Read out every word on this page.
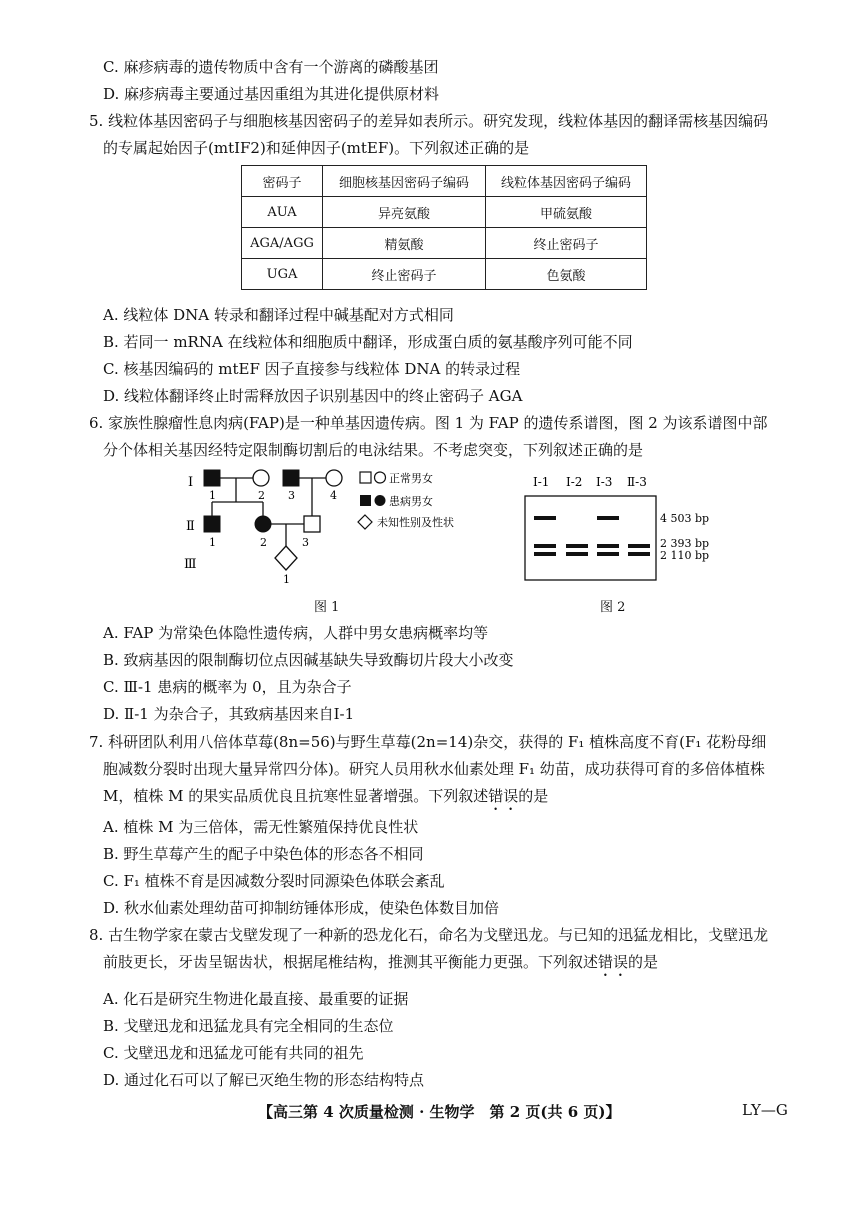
C. 麻疹病毒的遗传物质中含有一个游离的磷酸基团
D. 麻疹病毒主要通过基因重组为其进化提供原材料
5. 线粒体基因密码子与细胞核基因密码子的差异如表所示。研究发现，线粒体基因的翻译需核基因编码
的专属起始因子(mtIF2)和延伸因子(mtEF)。下列叙述正确的是
密码子	细胞核基因密码子编码	线粒体基因密码子编码
AUA	异亮氨酸	甲硫氨酸
AGA/AGG	精氨酸	终止密码子
UGA	终止密码子	色氨酸
A. 线粒体 DNA 转录和翻译过程中碱基配对方式相同
B. 若同一 mRNA 在线粒体和细胞质中翻译，形成蛋白质的氨基酸序列可能不同
C. 核基因编码的 mtEF 因子直接参与线粒体 DNA 的转录过程
D. 线粒体翻译终止时需释放因子识别基因中的终止密码子 AGA
6. 家族性腺瘤性息肉病(FAP)是一种单基因遗传病。图 1 为 FAP 的遗传系谱图，图 2 为该系谱图中部
分个体相关基因经特定限制酶切割后的电泳结果。不考虑突变，下列叙述正确的是
I
Ⅱ
Ⅲ
1	2 3	4
1	2	3
1
正常男女
患病男女
未知性别及性状
I-1 I-2 I-3 Ⅱ-3
4 503 bp
2 393 bp
2 110 bp
图 1	图 2
A. FAP 为常染色体隐性遗传病，人群中男女患病概率均等
B. 致病基因的限制酶切位点因碱基缺失导致酶切片段大小改变
C. Ⅲ-1 患病的概率为 0，且为杂合子
D. Ⅱ-1 为杂合子，其致病基因来自Ⅰ-1
7. 科研团队利用八倍体草莓(8n=56)与野生草莓(2n=14)杂交，获得的 F₁ 植株高度不育(F₁ 花粉母细
胞减数分裂时出现大量异常四分体)。研究人员用秋水仙素处理 F₁ 幼苗，成功获得可育的多倍体植株
M，植株 M 的果实品质优良且抗寒性显著增强。下列叙述错误的是
A. 植株 M 为三倍体，需无性繁殖保持优良性状
B. 野生草莓产生的配子中染色体的形态各不相同
C. F₁ 植株不育是因减数分裂时同源染色体联会紊乱
D. 秋水仙素处理幼苗可抑制纺锤体形成，使染色体数目加倍
8. 古生物学家在蒙古戈壁发现了一种新的恐龙化石，命名为戈壁迅龙。与已知的迅猛龙相比，戈壁迅龙
前肢更长，牙齿呈锯齿状，根据尾椎结构，推测其平衡能力更强。下列叙述错误的是
A. 化石是研究生物进化最直接、最重要的证据
B. 戈壁迅龙和迅猛龙具有完全相同的生态位
C. 戈壁迅龙和迅猛龙可能有共同的祖先
D. 通过化石可以了解已灭绝生物的形态结构特点
【高三第 4 次质量检测 · 生物学　第 2 页(共 6 页)】	LY—G
